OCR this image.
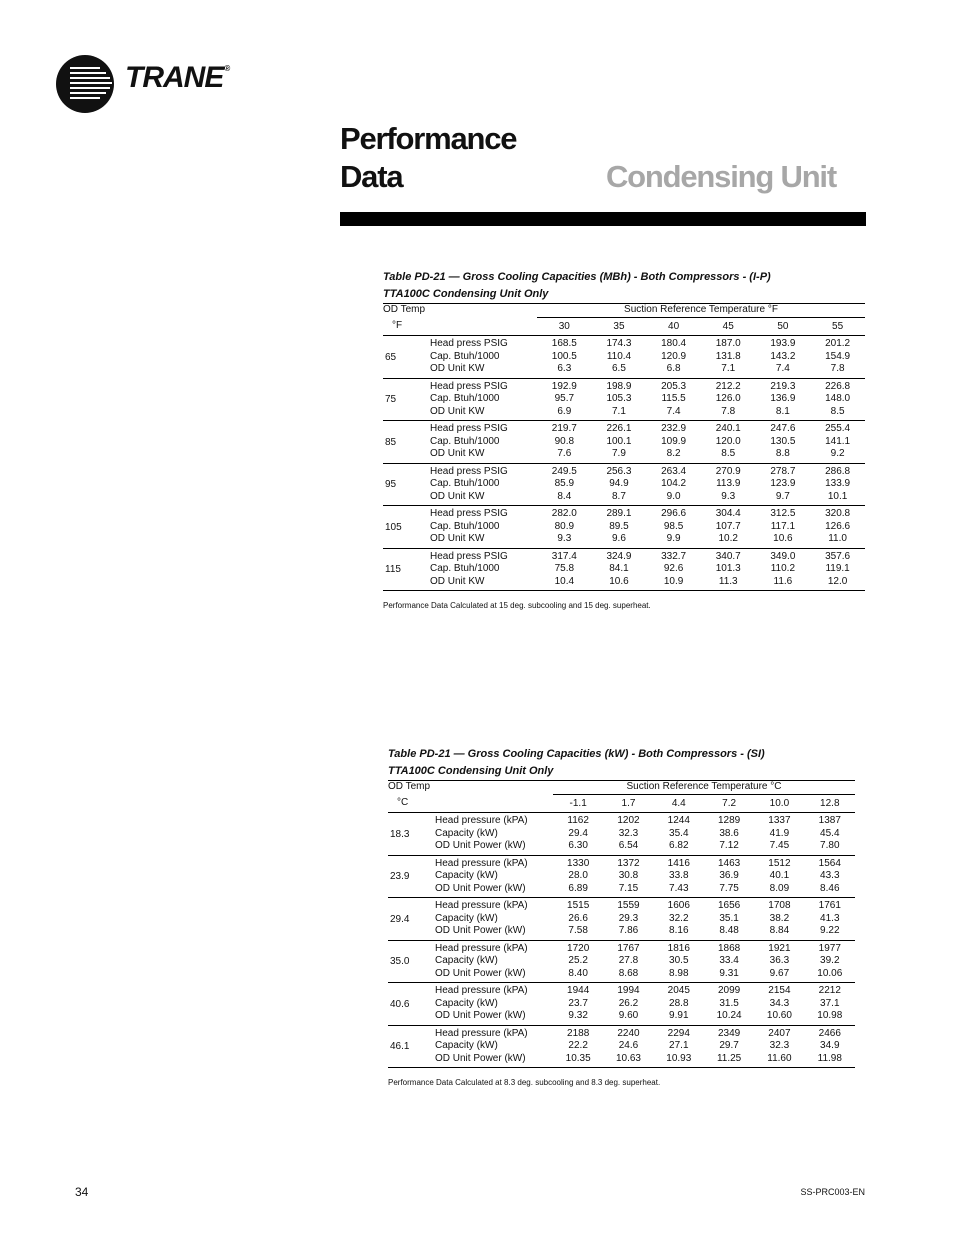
TRANE®
Performance
Data	Condensing Unit
Table PD-21 — Gross Cooling Capacities (MBh) - Both Compressors - (I-P)
TTA100C Condensing Unit Only
OD Temp		Suction Reference Temperature °F					
°F		30	35	40	45	50	55
65	Head press PSIG	168.5	174.3	180.4	187.0	193.9	201.2
	Cap. Btuh/1000	100.5	110.4	120.9	131.8	143.2	154.9
	OD Unit KW	6.3	6.5	6.8	7.1	7.4	7.8
75	Head press PSIG	192.9	198.9	205.3	212.2	219.3	226.8
	Cap. Btuh/1000	95.7	105.3	115.5	126.0	136.9	148.0
	OD Unit KW	6.9	7.1	7.4	7.8	8.1	8.5
85	Head press PSIG	219.7	226.1	232.9	240.1	247.6	255.4
	Cap. Btuh/1000	90.8	100.1	109.9	120.0	130.5	141.1
	OD Unit KW	7.6	7.9	8.2	8.5	8.8	9.2
95	Head press PSIG	249.5	256.3	263.4	270.9	278.7	286.8
	Cap. Btuh/1000	85.9	94.9	104.2	113.9	123.9	133.9
	OD Unit KW	8.4	8.7	9.0	9.3	9.7	10.1
105	Head press PSIG	282.0	289.1	296.6	304.4	312.5	320.8
	Cap. Btuh/1000	80.9	89.5	98.5	107.7	117.1	126.6
	OD Unit KW	9.3	9.6	9.9	10.2	10.6	11.0
115	Head press PSIG	317.4	324.9	332.7	340.7	349.0	357.6
	Cap. Btuh/1000	75.8	84.1	92.6	101.3	110.2	119.1
	OD Unit KW	10.4	10.6	10.9	11.3	11.6	12.0
Performance Data Calculated at 15 deg. subcooling and 15 deg. superheat.
Table PD-21 — Gross Cooling Capacities (kW) - Both Compressors - (SI)
TTA100C Condensing Unit Only
OD Temp		Suction Reference Temperature °C					
°C		-1.1	1.7	4.4	7.2	10.0	12.8
18.3	Head pressure (kPA)	1162	1202	1244	1289	1337	1387
	Capacity (kW)	29.4	32.3	35.4	38.6	41.9	45.4
	OD Unit Power (kW)	6.30	6.54	6.82	7.12	7.45	7.80
23.9	Head pressure (kPA)	1330	1372	1416	1463	1512	1564
	Capacity (kW)	28.0	30.8	33.8	36.9	40.1	43.3
	OD Unit Power (kW)	6.89	7.15	7.43	7.75	8.09	8.46
29.4	Head pressure (kPA)	1515	1559	1606	1656	1708	1761
	Capacity (kW)	26.6	29.3	32.2	35.1	38.2	41.3
	OD Unit Power (kW)	7.58	7.86	8.16	8.48	8.84	9.22
35.0	Head pressure (kPA)	1720	1767	1816	1868	1921	1977
	Capacity (kW)	25.2	27.8	30.5	33.4	36.3	39.2
	OD Unit Power (kW)	8.40	8.68	8.98	9.31	9.67	10.06
40.6	Head pressure (kPA)	1944	1994	2045	2099	2154	2212
	Capacity (kW)	23.7	26.2	28.8	31.5	34.3	37.1
	OD Unit Power (kW)	9.32	9.60	9.91	10.24	10.60	10.98
46.1	Head pressure (kPA)	2188	2240	2294	2349	2407	2466
	Capacity (kW)	22.2	24.6	27.1	29.7	32.3	34.9
	OD Unit Power (kW)	10.35	10.63	10.93	11.25	11.60	11.98
Performance Data Calculated at 8.3 deg. subcooling and 8.3 deg. superheat.
34	SS-PRC003-EN
